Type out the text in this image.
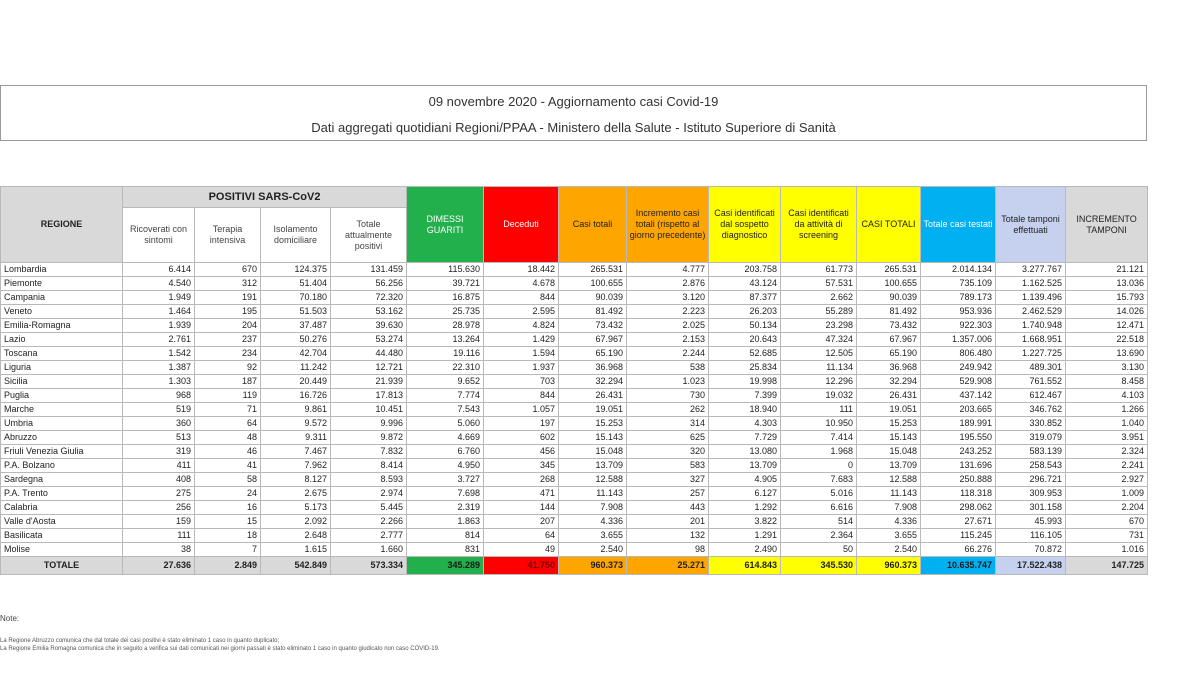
09 novembre 2020 - Aggiornamento casi Covid-19
Dati aggregati quotidiani Regioni/PPAA - Ministero della Salute - Istituto Superiore di Sanità
REGIONE	POSITIVI SARS-CoV2				DIMESSI GUARITI	Deceduti	Casi totali	Incremento casi totali (rispetto al giorno precedente)	Casi identificati dal sospetto diagnostico	Casi identificati da attività di screening	CASI TOTALI	Totale casi testati	Totale tamponi effettuati	INCREMENTO TAMPONI
	Ricoverati con sintomi	Terapia intensiva	Isolamento domiciliare	Totale attualmente positivi										
Lombardia	6.414	670	124.375	131.459	115.630	18.442	265.531	4.777	203.758	61.773	265.531	2.014.134	3.277.767	21.121
Piemonte	4.540	312	51.404	56.256	39.721	4.678	100.655	2.876	43.124	57.531	100.655	735.109	1.162.525	13.036
Campania	1.949	191	70.180	72.320	16.875	844	90.039	3.120	87.377	2.662	90.039	789.173	1.139.496	15.793
Veneto	1.464	195	51.503	53.162	25.735	2.595	81.492	2.223	26.203	55.289	81.492	953.936	2.462.529	14.026
Emilia-Romagna	1.939	204	37.487	39.630	28.978	4.824	73.432	2.025	50.134	23.298	73.432	922.303	1.740.948	12.471
Lazio	2.761	237	50.276	53.274	13.264	1.429	67.967	2.153	20.643	47.324	67.967	1.357.006	1.668.951	22.518
Toscana	1.542	234	42.704	44.480	19.116	1.594	65.190	2.244	52.685	12.505	65.190	806.480	1.227.725	13.690
Liguria	1.387	92	11.242	12.721	22.310	1.937	36.968	538	25.834	11.134	36.968	249.942	489.301	3.130
Sicilia	1.303	187	20.449	21.939	9.652	703	32.294	1.023	19.998	12.296	32.294	529.908	761.552	8.458
Puglia	968	119	16.726	17.813	7.774	844	26.431	730	7.399	19.032	26.431	437.142	612.467	4.103
Marche	519	71	9.861	10.451	7.543	1.057	19.051	262	18.940	111	19.051	203.665	346.762	1.266
Umbria	360	64	9.572	9.996	5.060	197	15.253	314	4.303	10.950	15.253	189.991	330.852	1.040
Abruzzo	513	48	9.311	9.872	4.669	602	15.143	625	7.729	7.414	15.143	195.550	319.079	3.951
Friuli Venezia Giulia	319	46	7.467	7.832	6.760	456	15.048	320	13.080	1.968	15.048	243.252	583.139	2.324
P.A. Bolzano	411	41	7.962	8.414	4.950	345	13.709	583	13.709	0	13.709	131.696	258.543	2.241
Sardegna	408	58	8.127	8.593	3.727	268	12.588	327	4.905	7.683	12.588	250.888	296.721	2.927
P.A. Trento	275	24	2.675	2.974	7.698	471	11.143	257	6.127	5.016	11.143	118.318	309.953	1.009
Calabria	256	16	5.173	5.445	2.319	144	7.908	443	1.292	6.616	7.908	298.062	301.158	2.204
Valle d'Aosta	159	15	2.092	2.266	1.863	207	4.336	201	3.822	514	4.336	27.671	45.993	670
Basilicata	111	18	2.648	2.777	814	64	3.655	132	1.291	2.364	3.655	115.245	116.105	731
Molise	38	7	1.615	1.660	831	49	2.540	98	2.490	50	2.540	66.276	70.872	1.016
TOTALE	27.636	2.849	542.849	573.334	345.289	41.750	960.373	25.271	614.843	345.530	960.373	10.635.747	17.522.438	147.725
Note:
La Regione Abruzzo comunica che dal totale dei casi positivi è stato eliminato 1 caso in quanto duplicato;
La Regione Emilia Romagna comunica che in seguito a verifica sui dati comunicati nei giorni passati è stato eliminato 1 caso in quanto giudicato non caso COVID-19.
